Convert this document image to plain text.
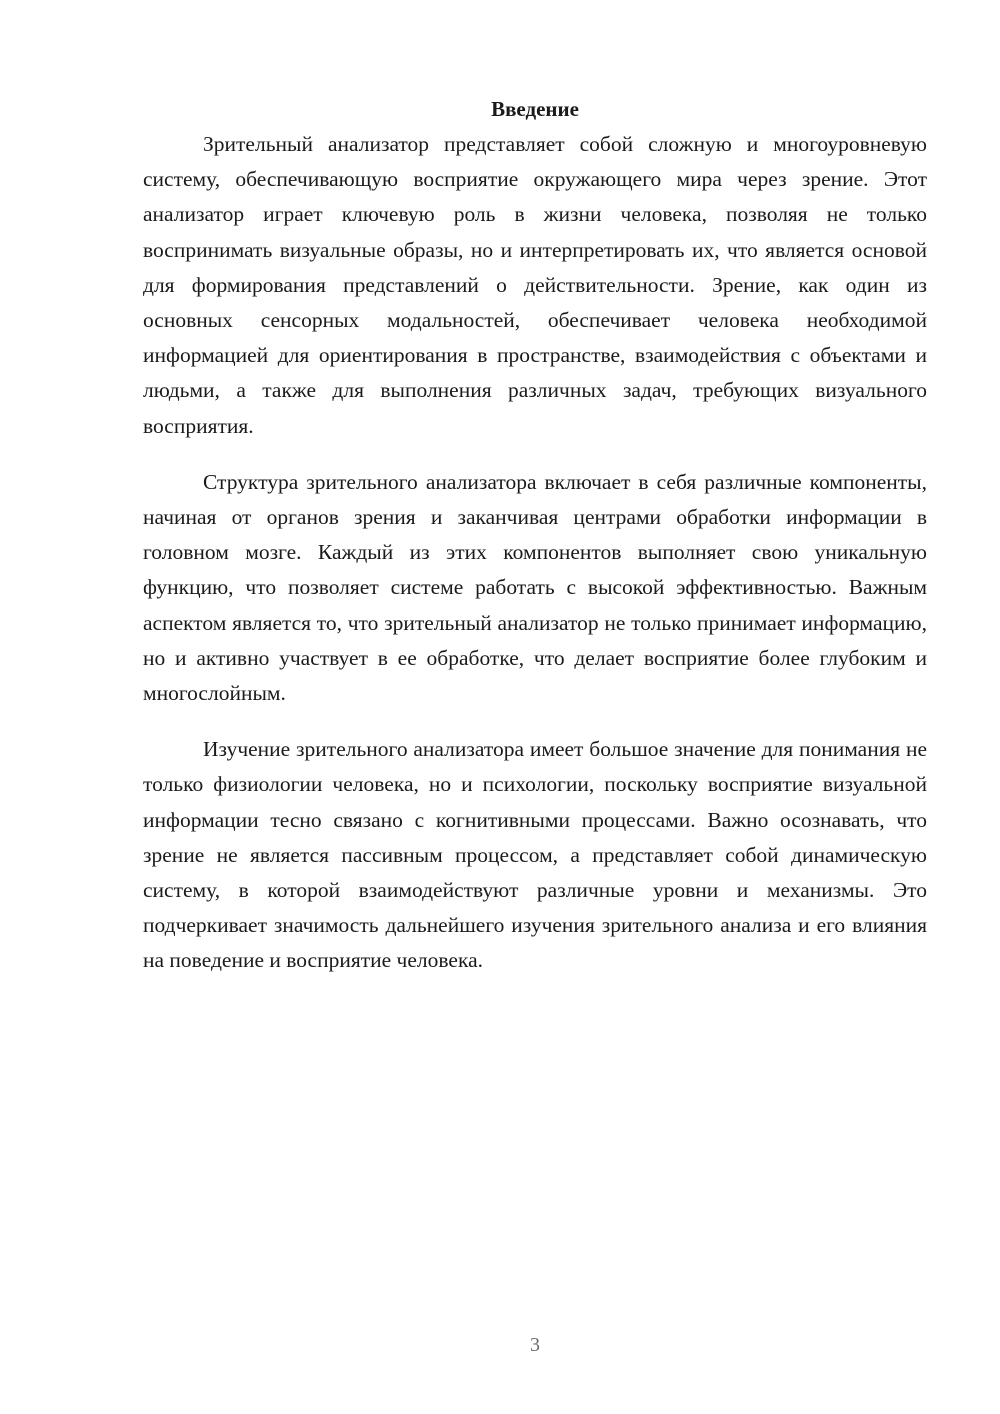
Введение

Зрительный анализатор представляет собой сложную и многоуровневую систему, обеспечивающую восприятие окружающего мира через зрение. Этот анализатор играет ключевую роль в жизни человека, позволяя не только воспринимать визуальные образы, но и интерпретировать их, что является основой для формирования представлений о действительности. Зрение, как один из основных сенсорных модальностей, обеспечивает человека необходимой информацией для ориентирования в пространстве, взаимодействия с объектами и людьми, а также для выполнения различных задач, требующих визуального восприятия.

Структура зрительного анализатора включает в себя различные компоненты, начиная от органов зрения и заканчивая центрами обработки информации в головном мозге. Каждый из этих компонентов выполняет свою уникальную функцию, что позволяет системе работать с высокой эффективностью. Важным аспектом является то, что зрительный анализатор не только принимает информацию, но и активно участвует в ее обработке, что делает восприятие более глубоким и многослойным.

Изучение зрительного анализатора имеет большое значение для понимания не только физиологии человека, но и психологии, поскольку восприятие визуальной информации тесно связано с когнитивными процессами. Важно осознавать, что зрение не является пассивным процессом, а представляет собой динамическую систему, в которой взаимодействуют различные уровни и механизмы. Это подчеркивает значимость дальнейшего изучения зрительного анализа и его влияния на поведение и восприятие человека.

3
